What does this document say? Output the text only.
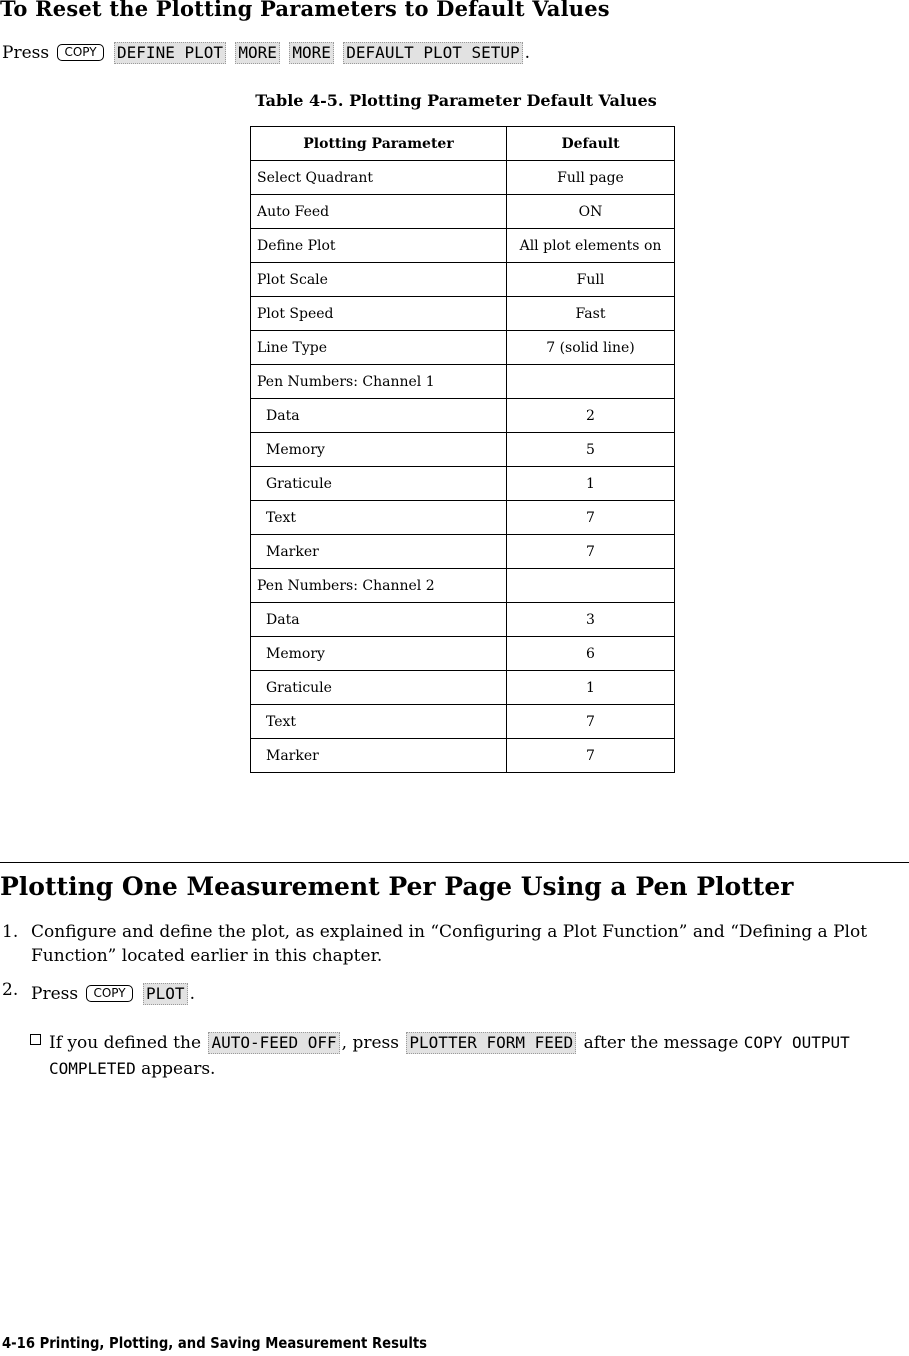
To Reset the Plotting Parameters to Default Values
Press COPY DEFINE PLOT MORE MORE DEFAULT PLOT SETUP .
Table 4-5. Plotting Parameter Default Values
Plotting Parameter	Default
Select Quadrant	Full page
Auto Feed	ON
Define Plot	All plot elements on
Plot Scale	Full
Plot Speed	Fast
Line Type	7 (solid line)
Pen Numbers: Channel 1	
Data	2
Memory	5
Graticule	1
Text	7
Marker	7
Pen Numbers: Channel 2	
Data	3
Memory	6
Graticule	1
Text	7
Marker	7
Plotting One Measurement Per Page Using a Pen Plotter
1. Configure and define the plot, as explained in “Configuring a Plot Function” and “Defining a Plot Function” located earlier in this chapter.
2. Press COPY PLOT .
If you defined the AUTO-FEED OFF , press PLOTTER FORM FEED after the message COPY OUTPUT COMPLETED appears.
4-16 Printing, Plotting, and Saving Measurement Results
